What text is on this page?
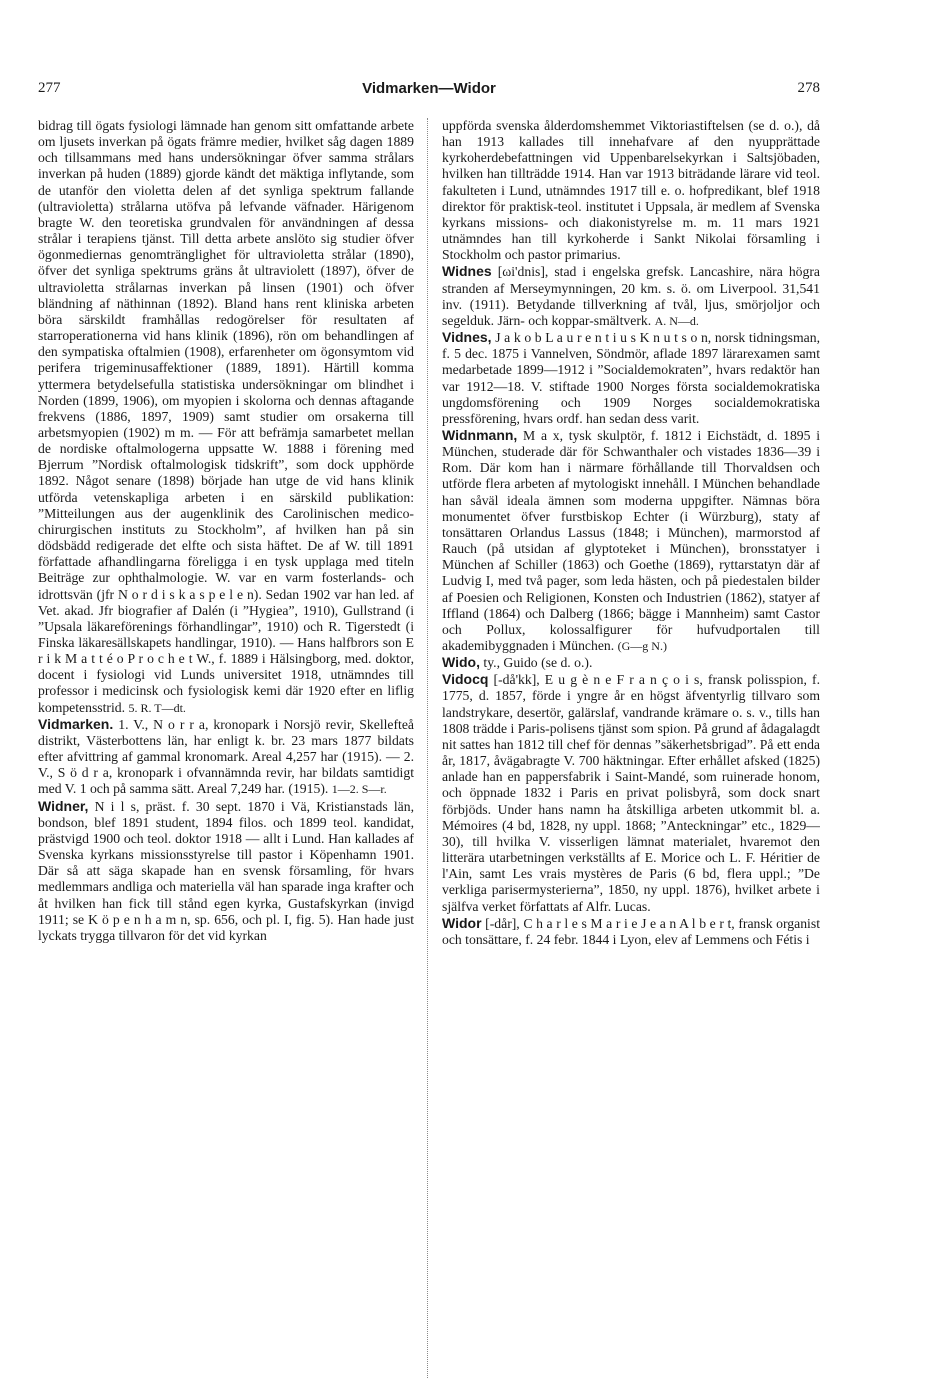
277	Vidmarken—Widor	278

bidrag till ögats fysiologi lämnade han genom sitt omfattande arbete om ljusets inverkan på ögats främre medier, hvilket såg dagen 1889 och tillsammans med hans undersökningar öfver samma strålars inverkan på huden (1889) gjorde kändt det mäktiga inflytande, som de utanför den violetta delen af det synliga spektrum fallande (ultravioletta) strålarna utöfva på lefvande väfnader. Härigenom bragte W. den teoretiska grundvalen för användningen af dessa strålar i terapiens tjänst. Till detta arbete anslöto sig studier öfver ögonmediernas genomtränglighet för ultravioletta strålar (1890), öfver det synliga spektrums gräns åt ultraviolett (1897), öfver de ultravioletta strålarnas inverkan på linsen (1901) och öfver bländning af näthinnan (1892). Bland hans rent kliniska arbeten böra särskildt framhållas redogörelser för resultaten af starroperationerna vid hans klinik (1896), rön om behandlingen af den sympatiska oftalmien (1908), erfarenheter om ögonsymtom vid perifera trigeminusaffektioner (1889, 1891). Härtill komma yttermera betydelsefulla statistiska undersökningar om blindhet i Norden (1899, 1906), om myopien i skolorna och dennas aftagande frekvens (1886, 1897, 1909) samt studier om orsakerna till arbetsmyopien (1902) m m. — För att befrämja samarbetet mellan de nordiske oftalmologerna uppsatte W. 1888 i förening med Bjerrum ”Nordisk oftalmologisk tidskrift”, som dock upphörde 1892. Något senare (1898) började han utge de vid hans klinik utförda vetenskapliga arbeten i en särskild publikation: ”Mitteilungen aus der augenklinik des Carolinischen medico-chirurgischen instituts zu Stockholm”, af hvilken han på sin dödsbädd redigerade det elfte och sista häftet. De af W. till 1891 författade afhandlingarna föreligga i en tysk upplaga med titeln Beiträge zur ophthalmologie. W. var en varm fosterlands- och idrottsvän (jfr N o r d i s k a s p e l e n). Sedan 1902 var han led. af Vet. akad. Jfr biografier af Dalén (i ”Hygiea”, 1910), Gullstrand (i ”Upsala läkareförenings förhandlingar”, 1910) och R. Tigerstedt (i Finska läkaresällskapets handlingar, 1910). — Hans halfbrors son E r i k M a t t é o P r o c h e t W., f. 1889 i Hälsingborg, med. doktor, docent i fysiologi vid Lunds universitet 1918, utnämndes till professor i medicinsk och fysiologisk kemi där 1920 efter en liflig kompetensstrid. 5. R. T—dt.

Vidmarken. 1. V., N o r r a, kronopark i Norsjö revir, Skellefteå distrikt, Västerbottens län, har enligt k. br. 23 mars 1877 bildats efter afvittring af gammal kronomark. Areal 4,257 har (1915). — 2. V., S ö d r a, kronopark i ofvannämnda revir, har bildats samtidigt med V. 1 och på samma sätt. Areal 7,249 har. (1915). 1—2. S—r.

Widner, N i l s, präst. f. 30 sept. 1870 i Vä, Kristianstads län, bondson, blef 1891 student, 1894 filos. och 1899 teol. kandidat, prästvigd 1900 och teol. doktor 1918 — allt i Lund. Han kallades af Svenska kyrkans missionsstyrelse till pastor i Köpenhamn 1901. Där så att säga skapade han en svensk församling, för hvars medlemmars andliga och materiella väl han sparade inga krafter och åt hvilken han fick till stånd egen kyrka, Gustafskyrkan (invigd 1911; se K ö p e n h a m n, sp. 656, och pl. I, fig. 5). Han hade just lyckats trygga tillvaron för det vid kyrkan

uppförda svenska ålderdomshemmet Viktoriastiftelsen (se d. o.), då han 1913 kallades till innehafvare af den nyupprättade kyrkoherdebefattningen vid Uppenbarelsekyrkan i Saltsjöbaden, hvilken han tillträdde 1914. Han var 1913 biträdande lärare vid teol. fakulteten i Lund, utnämndes 1917 till e. o. hofpredikant, blef 1918 direktor för praktisk-teol. institutet i Uppsala, är medlem af Svenska kyrkans missions- och diakonistyrelse m. m. 11 mars 1921 utnämndes han till kyrkoherde i Sankt Nikolai församling i Stockholm och pastor primarius.

Widnes [ωi'dnis], stad i engelska grefsk. Lancashire, nära högra stranden af Merseymynningen, 20 km. s. ö. om Liverpool. 31,541 inv. (1911). Betydande tillverkning af tvål, ljus, smörjoljor och segelduk. Järn- och koppar-smältverk. A. N—d.

Vidnes, J a k o b L a u r e n t i u s K n u t s o n, norsk tidningsman, f. 5 dec. 1875 i Vannelven, Söndmör, aflade 1897 lärarexamen samt medarbetade 1899—1912 i ”Socialdemokraten”, hvars redaktör han var 1912—18. V. stiftade 1900 Norges första socialdemokratiska ungdomsförening och 1909 Norges socialdemokratiska pressförening, hvars ordf. han sedan dess varit.

Widnmann, M a x, tysk skulptör, f. 1812 i Eichstädt, d. 1895 i München, studerade där för Schwanthaler och vistades 1836—39 i Rom. Där kom han i närmare förhållande till Thorvaldsen och utförde flera arbeten af mytologiskt innehåll. I München behandlade han såväl ideala ämnen som moderna uppgifter. Nämnas böra monumentet öfver furstbiskop Echter (i Würzburg), staty af tonsättaren Orlandus Lassus (1848; i München), marmorstod af Rauch (på utsidan af glyptoteket i München), bronsstatyer i München af Schiller (1863) och Goethe (1869), ryttarstatyn där af Ludvig I, med två pager, som leda hästen, och på piedestalen bilder af Poesien och Religionen, Konsten och Industrien (1862), statyer af Iffland (1864) och Dalberg (1866; bägge i Mannheim) samt Castor och Pollux, kolossalfigurer för hufvudportalen till akademibyggnaden i München. (G—g N.)

Wido, ty., Guido (se d. o.).

Vidocq [-då'kk], E u g è n e F r a n ç o i s, fransk polisspion, f. 1775, d. 1857, förde i yngre år en högst äfventyrlig tillvaro som landstrykare, desertör, galärslaf, vandrande krämare o. s. v., tills han 1808 trädde i Paris-polisens tjänst som spion. På grund af ådagalagdt nit sattes han 1812 till chef för dennas ”säkerhetsbrigad”. På ett enda år, 1817, åvägabragte V. 700 häktningar. Efter erhållet afsked (1825) anlade han en pappersfabrik i Saint-Mandé, som ruinerade honom, och öppnade 1832 i Paris en privat polisbyrå, som dock snart förbjöds. Under hans namn ha åtskilliga arbeten utkommit bl. a. Mémoires (4 bd, 1828, ny uppl. 1868; ”Anteckningar” etc., 1829—30), till hvilka V. visserligen lämnat materialet, hvaremot den litterära utarbetningen verkställts af E. Morice och L. F. Héritier de l'Ain, samt Les vrais mystères de Paris (6 bd, flera uppl.; ”De verkliga parisermysterierna”, 1850, ny uppl. 1876), hvilket arbete i själfva verket författats af Alfr. Lucas.

Widor [-dår], C h a r l e s M a r i e J e a n A l b e r t, fransk organist och tonsättare, f. 24 febr. 1844 i Lyon, elev af Lemmens och Fétis i
